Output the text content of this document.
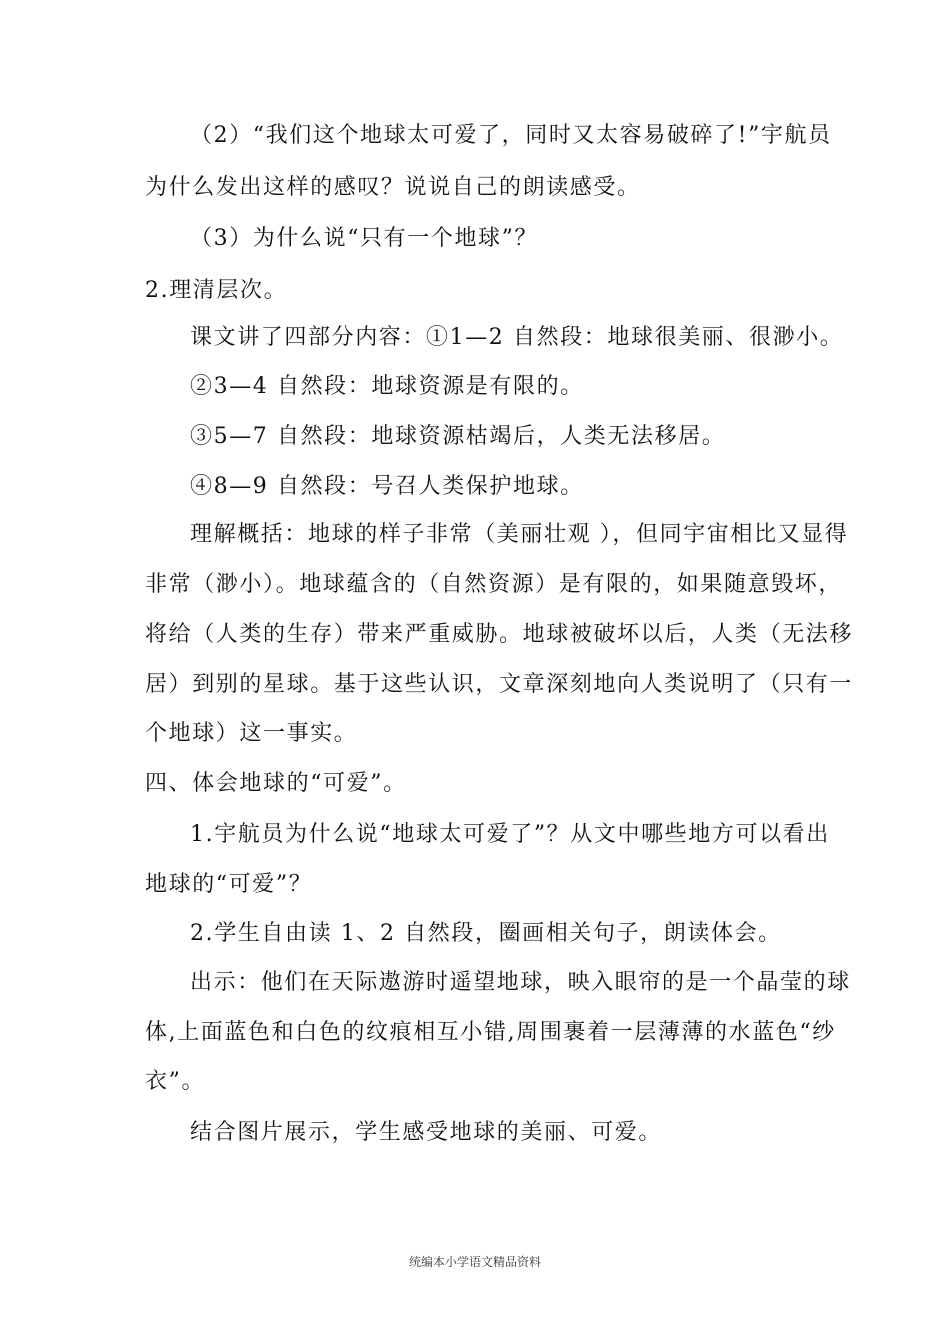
（2）“我们这个地球太可爱了，同时又太容易破碎了!”宇航员
为什么发出这样的感叹？说说自己的朗读感受。
（3）为什么说“只有一个地球”？
2.理清层次。
课文讲了四部分内容：①1—2 自然段：地球很美丽、很渺小。
②3—4 自然段：地球资源是有限的。
③5—7 自然段：地球资源枯竭后，人类无法移居。
④8—9 自然段：号召人类保护地球。
理解概括：地球的样子非常（美丽壮观 ），但同宇宙相比又显得
非常（渺小）。地球蕴含的（自然资源）是有限的，如果随意毁坏，
将给（人类的生存）带来严重威胁。地球被破坏以后，人类（无法移
居）到别的星球。基于这些认识，文章深刻地向人类说明了（只有一
个地球）这一事实。
四、体会地球的“可爱”。
1.宇航员为什么说“地球太可爱了”？从文中哪些地方可以看出
地球的“可爱”？
2.学生自由读 1、2 自然段，圈画相关句子，朗读体会。
出示：他们在天际遨游时遥望地球，映入眼帘的是一个晶莹的球
体,上面蓝色和白色的纹痕相互小错,周围裹着一层薄薄的水蓝色“纱
衣”。
结合图片展示，学生感受地球的美丽、可爱。
统编本小学语文精品资料
